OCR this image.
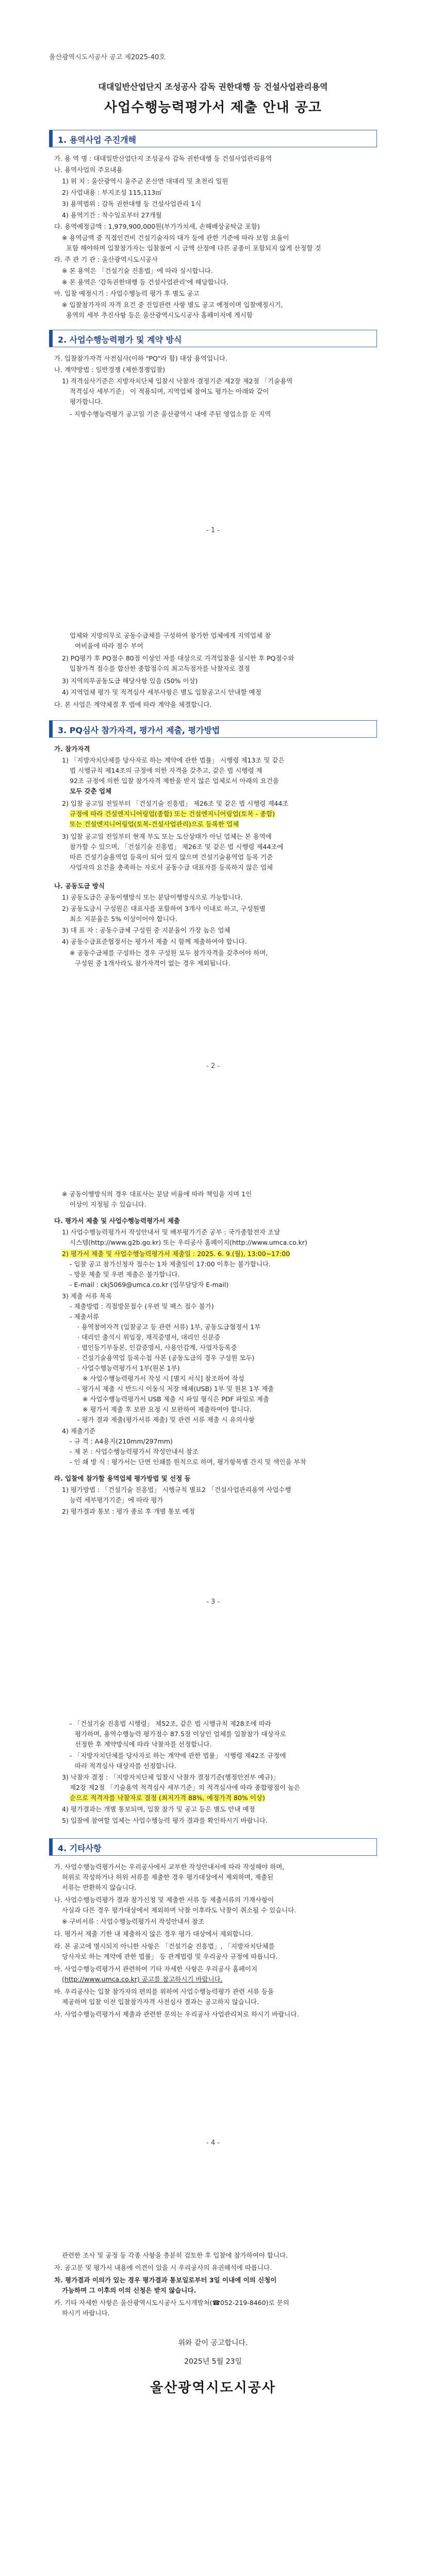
울산광역시도시공사 공고 제2025-40호
대대일반산업단지 조성공사 감독 권한대행 등 건설사업관리용역
사업수행능력평가서 제출 안내 공고
1. 용역사업 주진개해
가. 용 역 명 : 대대일반산업단지 조성공사 감독 권한대행 등 건설사업관리용역
나. 용역사업의 주요내용
1) 위 치 : 울산광역시 울주군 온산면 대대리 및 초천리 일원
2) 사업내용 : 부지조성 115,113㎡
3) 용역범위 : 감독 권한대행 등 건설사업관리 1식
4) 용역기간 : 착수일로부터 27개월
다. 용역예정금액 : 1,979,900,000원(부가가치세, 손해배상공탁금 포함)
※ 용역금액 중 직접인건비 건설기술자의 대가 등에 관한 기준에 따라 보험 요율이
포함 해야하며 입찰참가자는 입찰참여 시 금액 산정에 다른 공종이 포함되지 않게 산정할 것
라. 주 관 기 관 : 울산광역시도시공사
※ 본 용역은 「건설기술 진흥법」에 따라 실시합니다.
※ 본 용역은 '감독권한대행 등 건설사업관리'에 해당합니다.
마. 입찰 예정시기 : 사업수행능력 평가 후 별도 공고
※ 입찰참가자의 자격 요건 중 진입관련 사항 별도 공고 예정이며 입찰예정시기,
용역의 세부 추진사항 등은 울산광역시도시공사 홈페이지에 게시함
2. 사업수행능력평가 및 계약 방식
가. 입찰참가자격 사전심사(이하 "PQ"라 함) 대상 용역입니다.
나. 계약방법 : 일반경쟁 (제한경쟁입찰)
1) 적격심사기준은 지방자치단체 입찰시 낙찰자 결정기준 제2장 제2절 「기술용역
적격심사 세부기준」 이 적용되며, 지역업체 참여도 평가는 아래와 같이
평가합니다.
- 지방수행능력평가 공고일 기준 울산광역시 내에 주된 영업소를 둔 지역
- 1 -
업체와 지방의무로 공동수급체를 구성하여 참가한 업체에게 지역업체 참
여비율에 따라 점수 부여
2) PQ평가 후 PQ점수 80점 이상인 자를 대상으로 가격입찰을 실시한 후 PQ점수와
입찰가격 점수를 합산한 종합점수의 최고득점자를 낙찰자로 결정
3) 지역의무공동도급 해당사항 있음 (50% 이상)
4) 지역업체 평가 및 적격심사 세부사항은 별도 입찰공고시 안내할 예정
다. 본 사업은 계약체결 후 법에 따라 계약을 체결합니다.
3. PQ심사 참가자격, 평가서 제출, 평가방법
가. 참가자격
1) 「지방자치단체를 당사자로 하는 계약에 관한 법률」 시행령 제13조 및 같은
법 시행규칙 제14조의 규정에 의한 자격을 갖추고, 같은 법 시행령 제
92조 규정에 의한 입찰 참가자격 제한을 받지 않은 업체로서 아래의 요건을
모두 갖춘 업체
2) 입찰 공고일 전일부터 「건설기술 진흥법」 제26조 및 같은 법 시행령 제44조
규정에 따라 건설엔지니어링업(종합) 또는 건설엔지니어링업(토목 - 종합)
또는 건설엔지니어링업(토목-건설사업관리)으로 등록한 업체
3) 입찰 공고일 전일부터 현재 부도 또는 도산상태가 아닌 업체는 본 용역에
참가할 수 있으며, 「건설기술 진흥법」 제26조 및 같은 법 시행령 제44조에
따른 건설기술용역업 등록이 되어 있지 않으며 건설기술용역업 등록 기준
사업자의 요건을 충족하는 자로서 공동수급 대표자를 등록하지 않은 업체
나. 공동도급 방식
1) 공동도급은 공동이행방식 또는 분담이행방식으로 가능합니다.
2) 공동도급시 구성원은 대표사를 포함하여 3개사 이내로 하고, 구성원별
최소 지분율은 5% 이상이어야 합니다.
3) 대 표 자 : 공동수급체 구성원 중 지분율이 가장 높은 업체
4) 공동수급표준협정서는 평가서 제출 시 함께 제출하여야 합니다.
※ 공동수급체를 구성하는 경우 구성원 모두 참가자격을 갖추어야 하며,
구성원 중 1개사라도 참가자격이 없는 경우 제외됩니다.
- 2 -
※ 공동이행방식의 경우 대표사는 분담 비율에 따라 책임을 지며 1인
이상이 지정될 수 있습니다.
다. 평가서 제출 및 사업수행능력평가서 제출
1) 사업수행능력평가서 작성안내서 및 배부평가기준 공부 : 국가종합전자 조달
시스템(http://www.g2b.go.kr) 또는 우리공사 홈페이지(http://www.umca.co.kr)
2) 평가서 제출 및 사업수행능력평가서 제출일 : 2025. 6. 9.(월), 13:00~17:00
- 입찰 공고 참가신청자 접수는 1차 제출일이 17:00 이후는 불가합니다.
- 방문 제출 및 우편 제출은 불가합니다.
- E-mail : ckj5069@umca.co.kr (업무담당자 E-mail)
3) 제출 서류 목록
- 제출방법 : 직접방문접수 (우편 및 팩스 접수 불가)
- 제출서류
· 용역참여자격 (입찰공고 등 관련 서류) 1부, 공동도급협정서 1부
· 대리인 출석시 위임장, 재직증명서, 대리인 신분증
· 법인등기부등본, 인감증명서, 사용인감계, 사업자등록증
· 건설기술용역업 등록수첩 사본 (공동도급의 경우 구성원 모두)
· 사업수행능력평가서 1부(원본 1부)
※ 사업수행능력평가서 작성 시 [별지 서식] 참조하여 작성
- 평가서 제출 시 반드시 이동식 저장 매체(USB) 1부 및 원본 1부 제출
※ 사업수행능력평가서 USB 제출 시 파일 형식은 PDF 파일로 제출
※ 평가서 제출 후 보완 요청 시 보완하여 제출하여야 합니다.
- 평가 결과 제출(평가서류 제출) 및 관련 서류 제출 시 유의사항
4) 제출기준
- 규 격 : A4용지(210mm/297mm)
- 제 본 : 사업수행능력평가서 작성안내서 참조
- 인 쇄 방 식 : 평가서는 단면 인쇄를 원칙으로 하며, 평가항목별 간지 및 색인을 부착
라. 입찰에 참가할 용역업체 평가방법 및 선정 등
1) 평가방법 : 「건설기술 진흥법」 시행규칙 별표2 「건설사업관리용역 사업수행
능력 세부평가기준」에 따라 평가
2) 평가결과 통보 : 평가 종료 후 개별 통보 예정
- 3 -
- 「건설기술 진흥법 시행령」 제52조, 같은 법 시행규칙 제28조에 따라
평가하며, 용역수행능력 평가점수 87.5점 이상인 업체를 입찰참가 대상자로
선정한 후 계약방식에 따라 낙찰자를 선정합니다.
- 「지방자치단체를 당사자로 하는 계약에 관한 법률」 시행령 제42조 규정에
따라 적격심사 대상자를 선정합니다.
3) 낙찰자 결정 : 「지방자치단체 입찰시 낙찰자 결정기준(행정안전부 예규)」
제2장 제2절 「기술용역 적격심사 세부기준」의 적격심사에 따라 종합평점이 높은
순으로 적격자를 낙찰자로 결정 (최저가격 88%, 예정가격 80% 이상)
4) 평가결과는 개별 통보되며, 입찰 참가 및 공고 등은 별도 안내 예정
5) 입찰에 참여할 업체는 사업수행능력 평가 결과를 확인하시기 바랍니다.
4. 기타사항
가. 사업수행능력평가서는 우리공사에서 교부한 작성안내서에 따라 작성해야 하며,
허위로 작성하거나 허위 서류를 제출한 경우 평가대상에서 제외하며, 제출된
서류는 반환하지 않습니다.
나. 사업수행능력평가 결과 참가신청 및 제출한 서류 등 제출서류의 기재사항이
사실과 다른 경우 평가대상에서 제외하며 낙찰 이후라도 낙찰이 취소될 수 있습니다.
※ 구비서류 : 사업수행능력평가서 작성안내서 참조
다. 평가서 제출 기한 내 제출하지 않은 경우 평가 대상에서 제외합니다.
라. 본 공고에 명시되지 아니한 사항은 「건설기술 진흥법」, 「지방자치단체를
당사자로 하는 계약에 관한 법률」 등 관계법령 및 우리공사 규정에 따릅니다.
마. 사업수행능력평가서 관련하여 기타 자세한 사항은 우리공사 홈페이지
(http://www.umca.co.kr) 공고를 참고하시기 바랍니다.
바. 우리공사는 입찰 참가자의 편의를 위하여 사업수행능력평가 관련 서류 등을
제공하며 입찰 이전 입찰참가자격 사전심사 결과는 공고하지 않습니다.
사. 사업수행능력평가서 제출과 관련한 문의는 우리공사 사업관리처로 하시기 바랍니다.
- 4 -
관련한 조사 및 공정 등 각종 사항을 충분히 검토한 후 입찰에 참가하여야 합니다.
자. 공고문 및 평가서 내용에 이견이 있을 시 우리공사의 유권해석에 따릅니다.
차. 평가결과 이의가 있는 경우 평가결과 통보일로부터 3일 이내에 이의 신청이
가능하며 그 이후의 이의 신청은 받지 않습니다.
카. 기타 자세한 사항은 울산광역시도시공사 도시개발처(☎052-219-8460)로 문의
하시기 바랍니다.
위와 같이 공고합니다.
2025년 5월 23일
울산광역시도시공사
